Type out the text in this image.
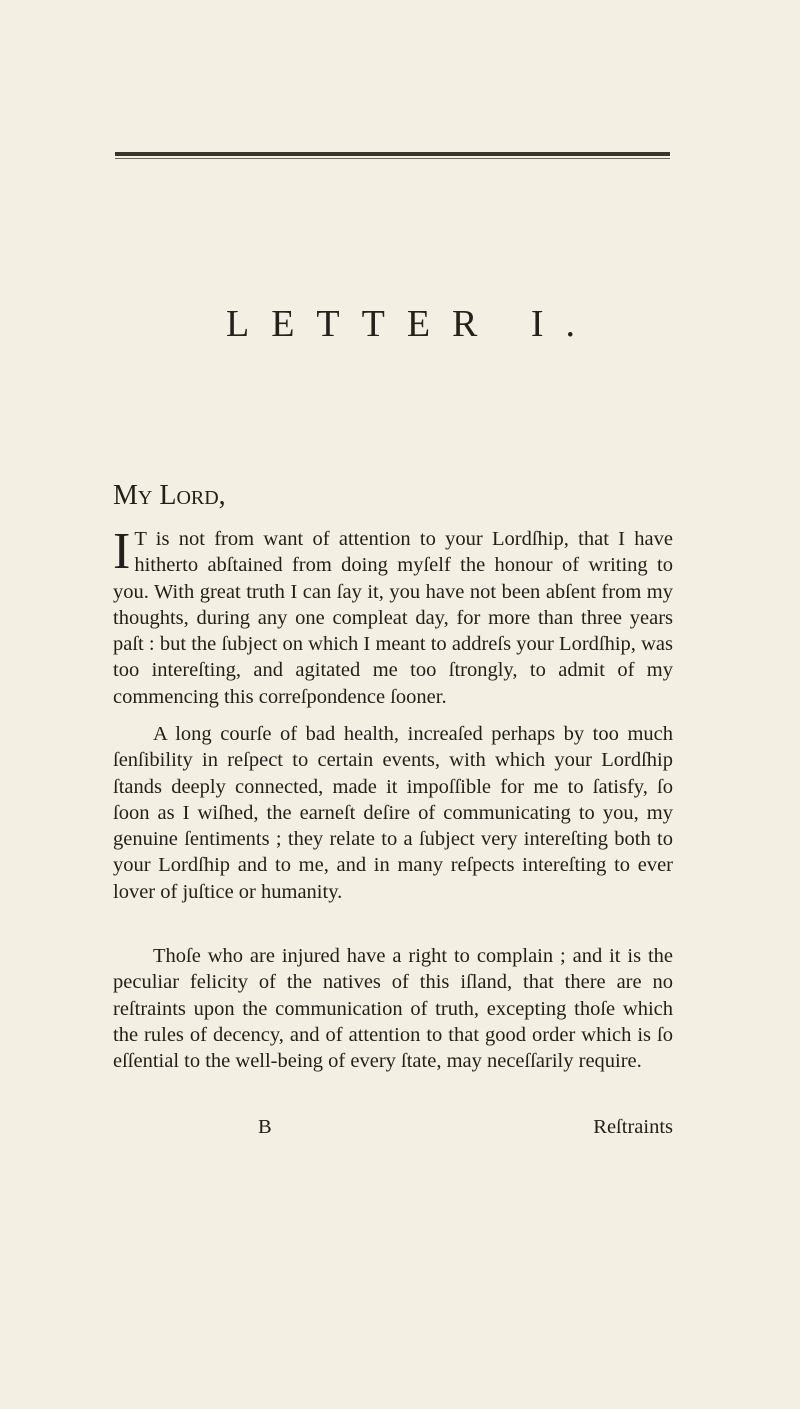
LETTER I.
My Lord,
I T is not from want of attention to your Lordſhip, that I have hitherto abſtained from doing myſelf the honour of writing to you. With great truth I can ſay it, you have not been abſent from my thoughts, during any one compleat day, for more than three years paſt : but the ſubject on which I meant to addreſs your Lordſhip, was too intereſting, and agitated me too ſtrongly, to admit of my commencing this correſpondence ſooner.
A long courſe of bad health, increaſed perhaps by too much ſenſibility in reſpect to certain events, with which your Lordſhip ſtands deeply connected, made it impoſſible for me to ſatisfy, ſo ſoon as I wiſhed, the earneſt deſire of communicating to you, my genuine ſentiments ; they relate to a ſubject very intereſting both to your Lordſhip and to me, and in many reſpects intereſting to ever lover of juſtice or humanity.
Thoſe who are injured have a right to complain ; and it is the peculiar felicity of the natives of this iſland, that there are no reſtraints upon the communication of truth, excepting thoſe which the rules of decency, and of attention to that good order which is ſo eſſential to the well-being of every ſtate, may neceſſarily require.
B	Reſtraints
